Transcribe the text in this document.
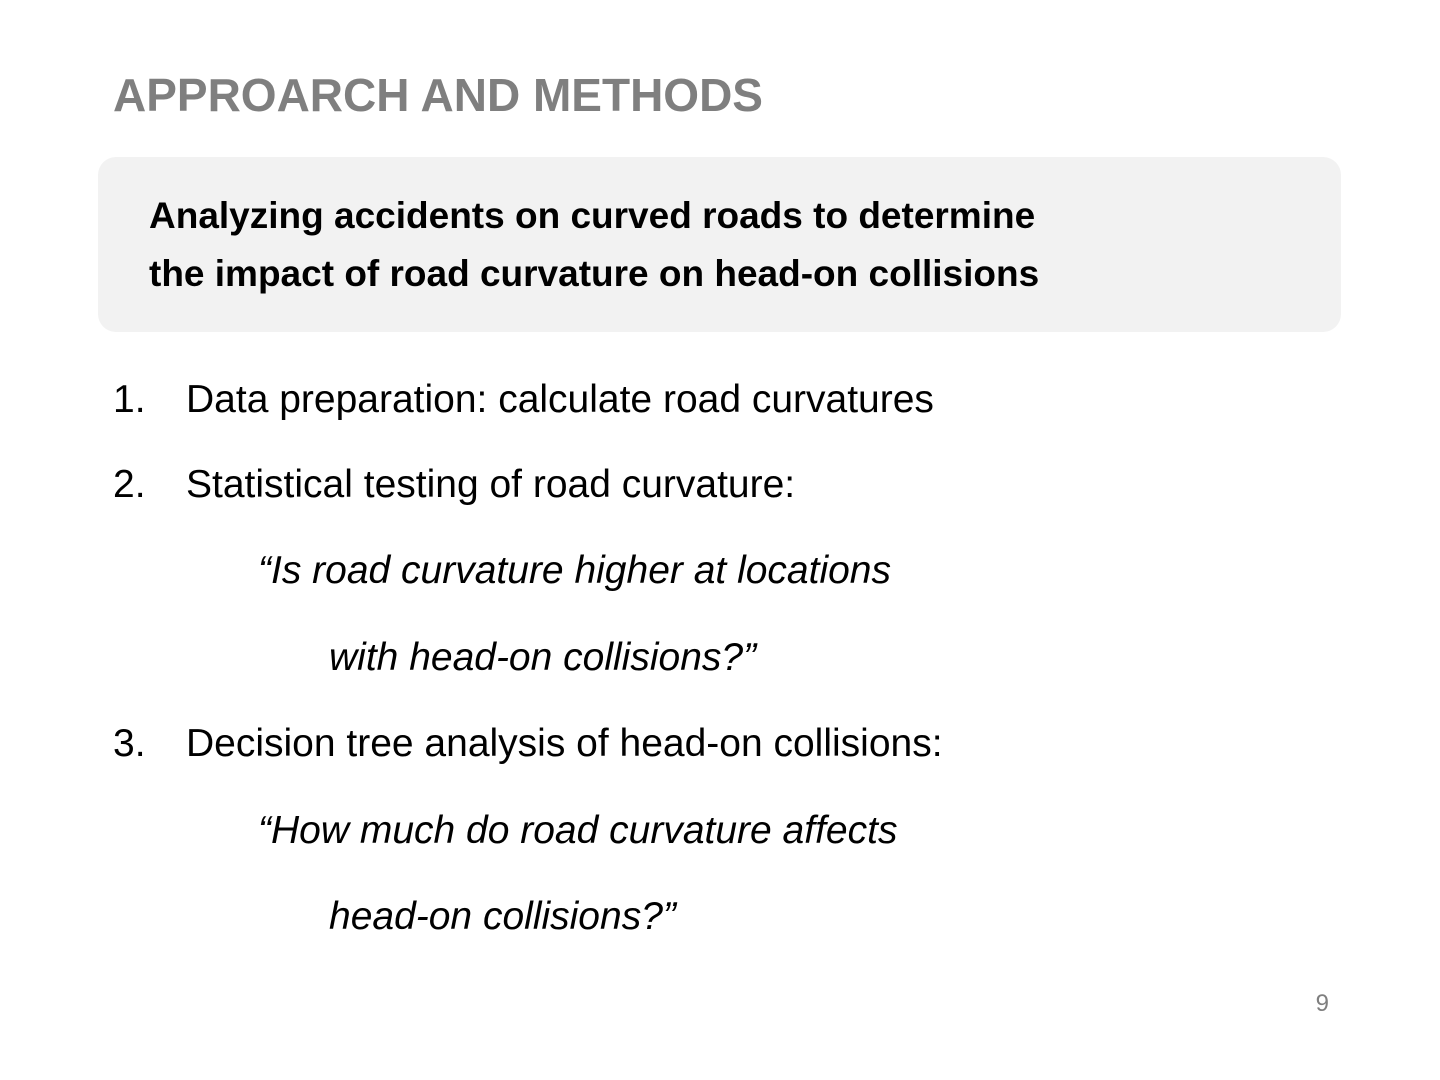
APPROARCH AND METHODS
Analyzing accidents on curved roads to determine
the impact of road curvature on head-on collisions
1. Data preparation: calculate road curvatures
2. Statistical testing of road curvature:
“Is road curvature higher at locations
with head-on collisions?”
3. Decision tree analysis of head-on collisions:
“How much do road curvature affects
head-on collisions?”
9
